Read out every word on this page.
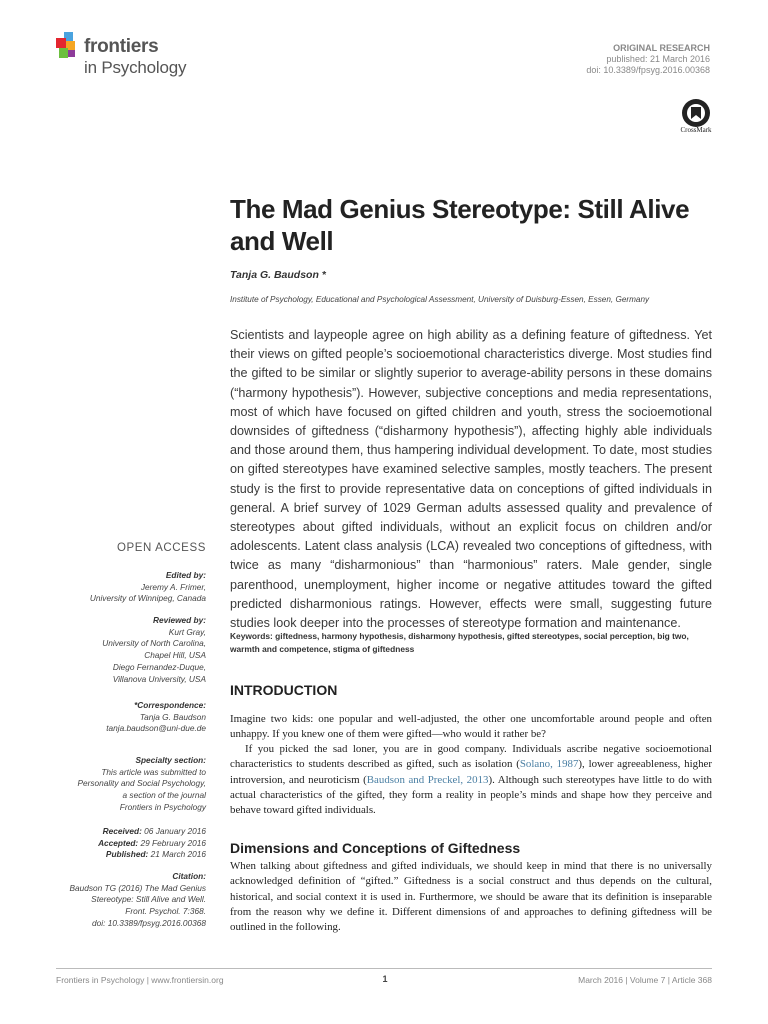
frontiers
in Psychology
ORIGINAL RESEARCH
published: 21 March 2016
doi: 10.3389/fpsyg.2016.00368
CrossMark
The Mad Genius Stereotype: Still Alive and Well
Tanja G. Baudson *
Institute of Psychology, Educational and Psychological Assessment, University of Duisburg-Essen, Essen, Germany
Scientists and laypeople agree on high ability as a defining feature of giftedness. Yet their views on gifted people’s socioemotional characteristics diverge. Most studies find the gifted to be similar or slightly superior to average-ability persons in these domains (“harmony hypothesis”). However, subjective conceptions and media representations, most of which have focused on gifted children and youth, stress the socioemotional downsides of giftedness (“disharmony hypothesis”), affecting highly able individuals and those around them, thus hampering individual development. To date, most studies on gifted stereotypes have examined selective samples, mostly teachers. The present study is the first to provide representative data on conceptions of gifted individuals in general. A brief survey of 1029 German adults assessed quality and prevalence of stereotypes about gifted individuals, without an explicit focus on children and/or adolescents. Latent class analysis (LCA) revealed two conceptions of giftedness, with twice as many “disharmonious” than “harmonious” raters. Male gender, single parenthood, unemployment, higher income or negative attitudes toward the gifted predicted disharmonious ratings. However, effects were small, suggesting future studies look deeper into the processes of stereotype formation and maintenance.
Keywords: giftedness, harmony hypothesis, disharmony hypothesis, gifted stereotypes, social perception, big two, warmth and competence, stigma of giftedness
INTRODUCTION
Imagine two kids: one popular and well-adjusted, the other one uncomfortable around people and often unhappy. If you knew one of them were gifted—who would it rather be?
If you picked the sad loner, you are in good company. Individuals ascribe negative socioemotional characteristics to students described as gifted, such as isolation (Solano, 1987), lower agreeableness, higher introversion, and neuroticism (Baudson and Preckel, 2013). Although such stereotypes have little to do with actual characteristics of the gifted, they form a reality in people’s minds and shape how they perceive and behave toward gifted individuals.
Dimensions and Conceptions of Giftedness
When talking about giftedness and gifted individuals, we should keep in mind that there is no universally acknowledged definition of “gifted.” Giftedness is a social construct and thus depends on the cultural, historical, and social context it is used in. Furthermore, we should be aware that its definition is inseparable from the reason why we define it. Different dimensions of and approaches to defining giftedness will be outlined in the following.
OPEN ACCESS
Edited by:
Jeremy A. Frimer,
University of Winnipeg, Canada
Reviewed by:
Kurt Gray,
University of North Carolina,
Chapel Hill, USA
Diego Fernandez-Duque,
Villanova University, USA
*Correspondence:
Tanja G. Baudson
tanja.baudson@uni-due.de
Specialty section:
This article was submitted to
Personality and Social Psychology,
a section of the journal
Frontiers in Psychology
Received: 06 January 2016
Accepted: 29 February 2016
Published: 21 March 2016
Citation:
Baudson TG (2016) The Mad Genius
Stereotype: Still Alive and Well.
Front. Psychol. 7:368.
doi: 10.3389/fpsyg.2016.00368
Frontiers in Psychology | www.frontiersin.org	1	March 2016 | Volume 7 | Article 368
